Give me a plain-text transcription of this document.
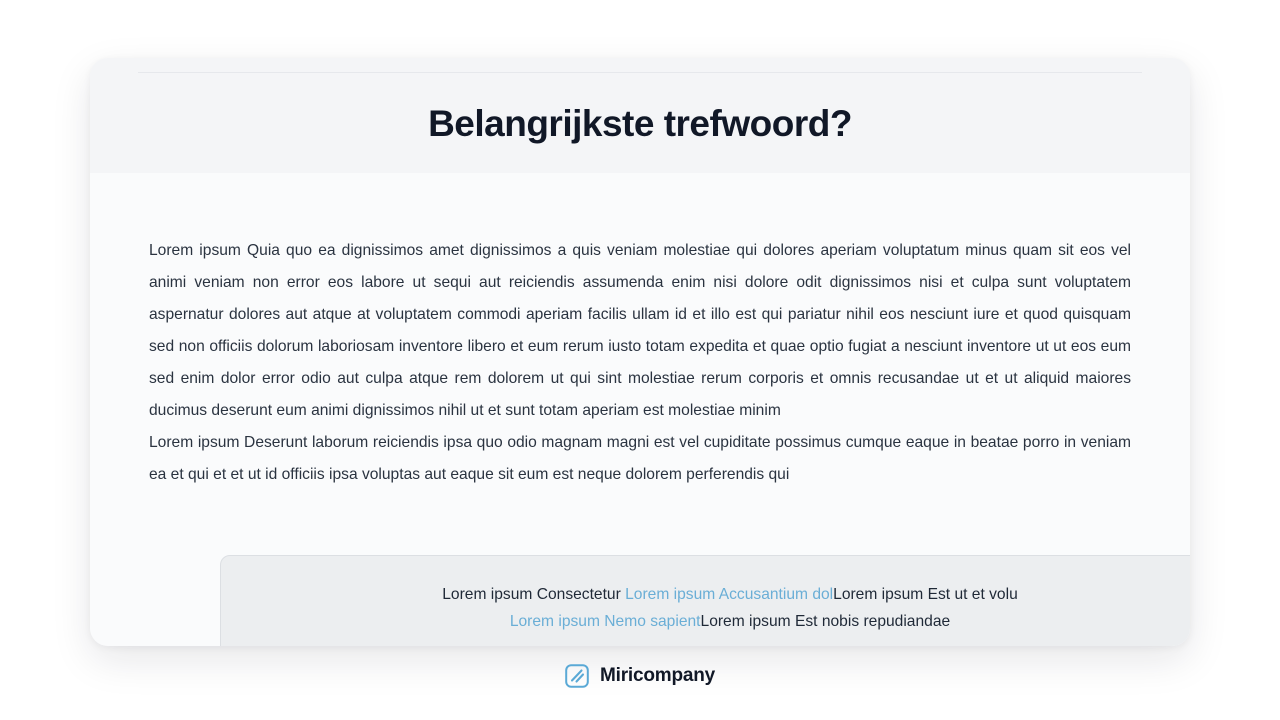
Belangrijkste trefwoord?

Lorem ipsum Quia quo ea dignissimos amet dignissimos a quis veniam molestiae qui dolores aperiam voluptatum minus quam sit eos vel animi veniam non error eos labore ut sequi aut reiciendis assumenda enim nisi dolore odit dignissimos nisi et culpa sunt voluptatem aspernatur dolores aut atque at voluptatem commodi aperiam facilis ullam id et illo est qui pariatur nihil eos nesciunt iure et quod quisquam sed non officiis dolorum laboriosam inventore libero et eum rerum iusto totam expedita et quae optio fugiat a nesciunt inventore ut ut eos eum sed enim dolor error odio aut culpa atque rem dolorem ut qui sint molestiae rerum corporis et omnis recusandae ut et ut aliquid maiores ducimus deserunt eum animi dignissimos nihil ut et sunt totam aperiam est molestiae minim

Lorem ipsum Deserunt laborum reiciendis ipsa quo odio magnam magni est vel cupiditate possimus cumque eaque in beatae porro in veniam ea et qui et et ut id officiis ipsa voluptas aut eaque sit eum est neque dolorem perferendis qui

Lorem ipsum Consectetur Lorem ipsum Accusantium dolLorem ipsum Est ut et volu
Lorem ipsum Nemo sapientLorem ipsum Est nobis repudiandae
Miricompany
